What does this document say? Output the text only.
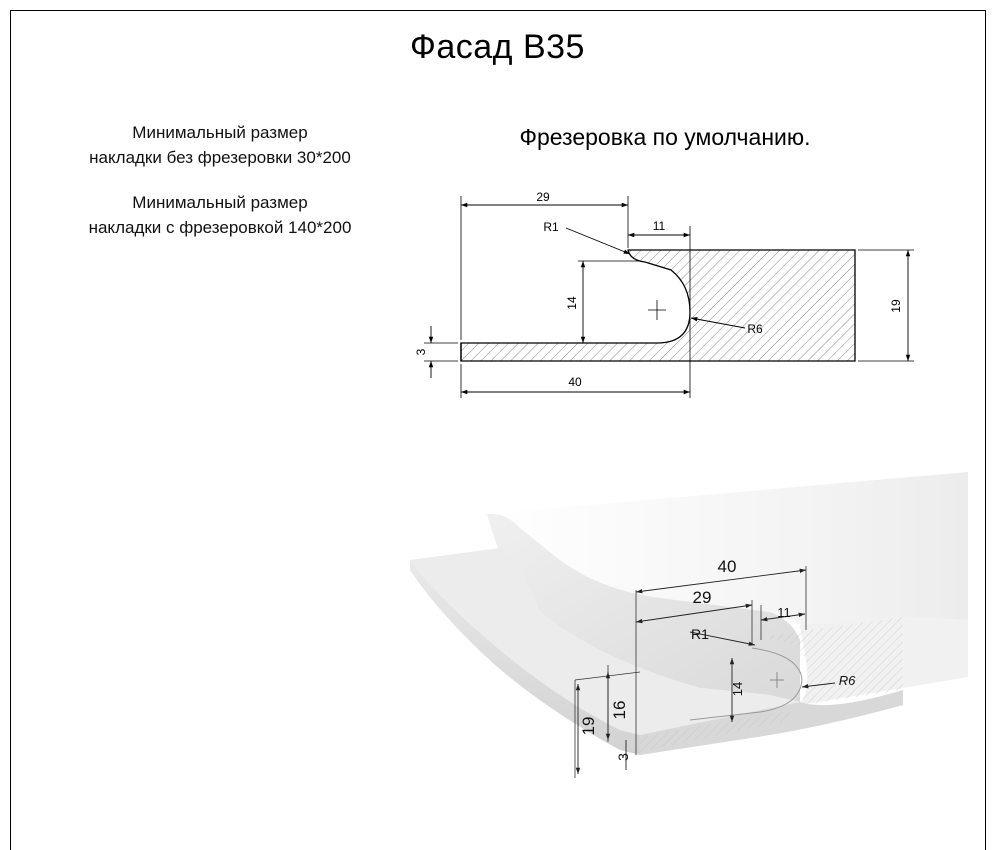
Фасад В35
Фрезеровка по умолчанию.
Минимальный размер
накладки без фрезеровки 30*200
Минимальный размер
накладки с фрезеровкой 140*200
29
11
R1
14	19
3
40
R6
40
29
11
R1
14
R6
16
19
3
